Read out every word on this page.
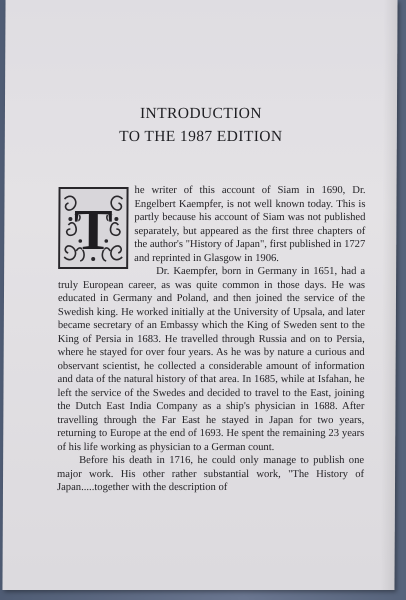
INTRODUCTION
TO THE 1987 EDITION
T

he writer of this account of Siam in 1690, Dr. Engelbert Kaempfer, is not well known today. This is partly because his account of Siam was not published separately, but appeared as the first three chapters of the author's "History of Japan", first published in 1727 and reprinted in Glasgow in 1906.

Dr. Kaempfer, born in Germany in 1651, had a truly European career, as was quite common in those days. He was educated in Germany and Poland, and then joined the service of the Swedish king. He worked initially at the University of Upsala, and later became secretary of an Embassy which the King of Sweden sent to the King of Persia in 1683. He travelled through Russia and on to Persia, where he stayed for over four years. As he was by nature a curious and observant scientist, he collected a considerable amount of information and data of the natural history of that area. In 1685, while at Isfahan, he left the service of the Swedes and decided to travel to the East, joining the Dutch East India Company as a ship's physician in 1688. After travelling through the Far East he stayed in Japan for two years, returning to Europe at the end of 1693. He spent the remaining 23 years of his life working as physician to a German count.

Before his death in 1716, he could only manage to publish one major work. His other rather substantial work, "The History of Japan.....together with the description of
